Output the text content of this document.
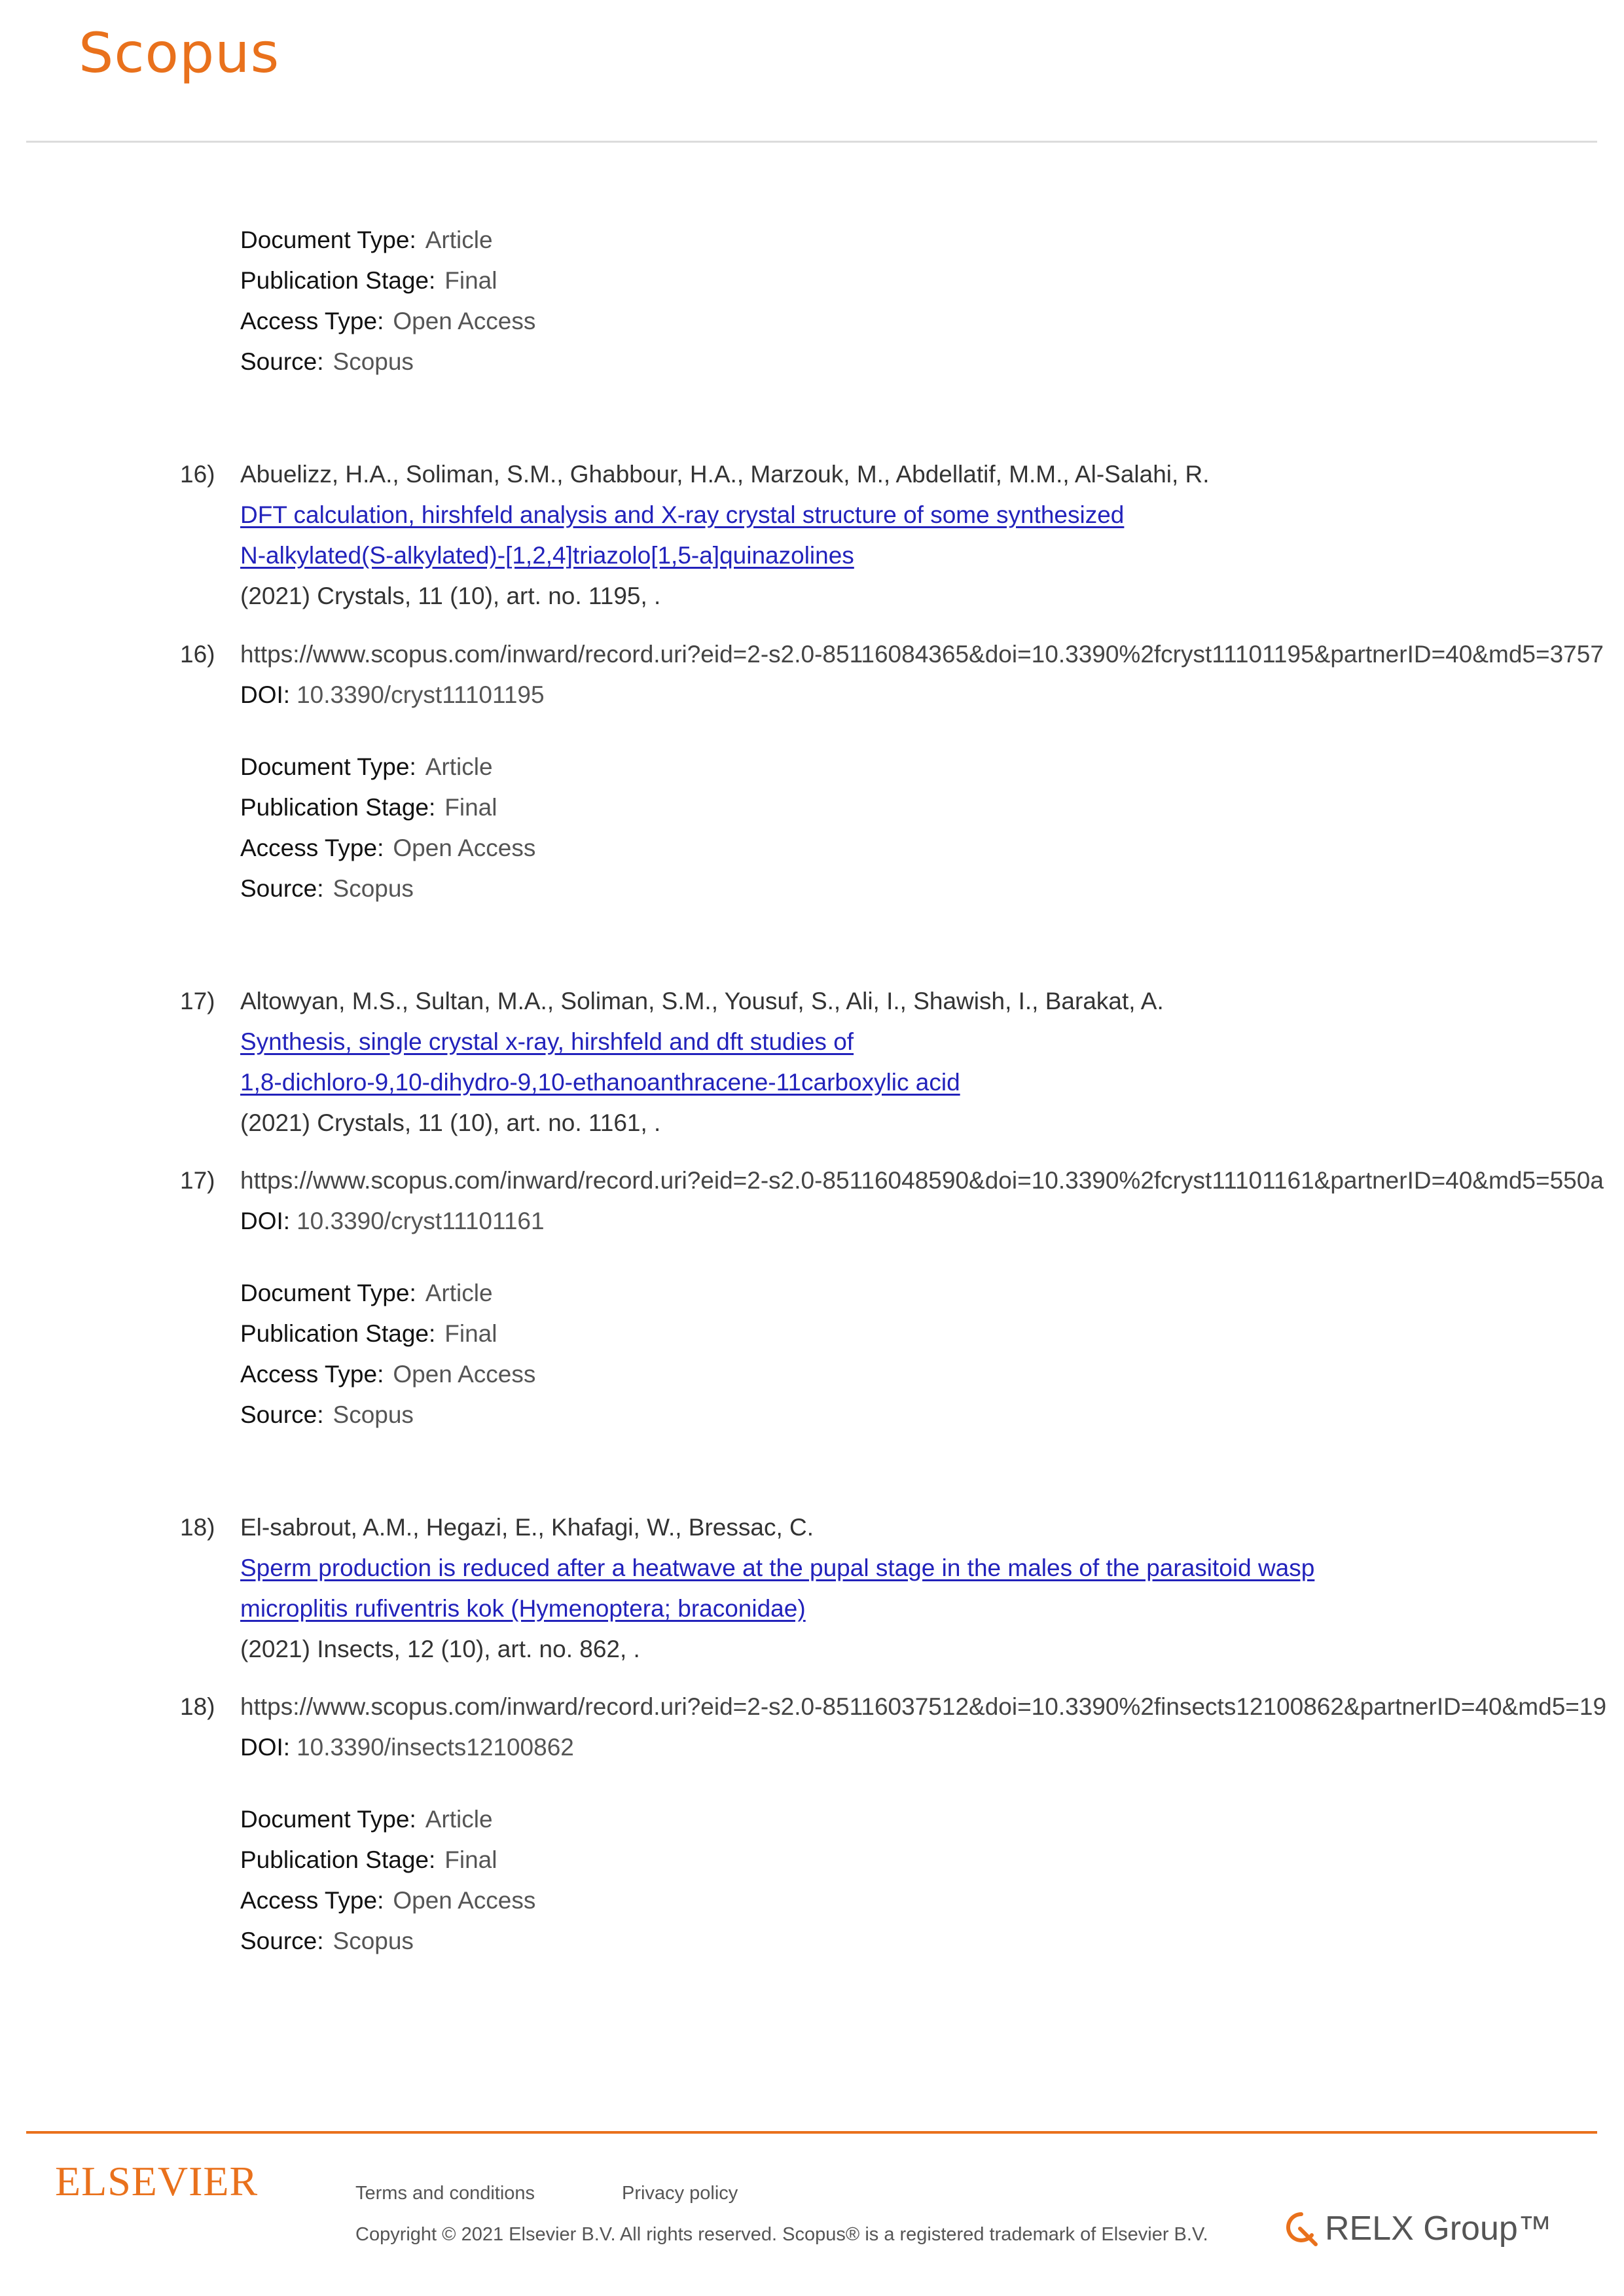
Scopus
Document Type: Article
Publication Stage: Final
Access Type: Open Access
Source: Scopus
16) Abuelizz, H.A., Soliman, S.M., Ghabbour, H.A., Marzouk, M., Abdellatif, M.M., Al-Salahi, R.
DFT calculation, hirshfeld analysis and X-ray crystal structure of some synthesized
N-alkylated(S-alkylated)-[1,2,4]triazolo[1,5-a]quinazolines
(2021) Crystals, 11 (10), art. no. 1195, .
16) https://www.scopus.com/inward/record.uri?eid=2-s2.0-85116084365&doi=10.3390%2fcryst11101195&partnerID=40&md5=3757
DOI: 10.3390/cryst11101195
Document Type: Article
Publication Stage: Final
Access Type: Open Access
Source: Scopus
17) Altowyan, M.S., Sultan, M.A., Soliman, S.M., Yousuf, S., Ali, I., Shawish, I., Barakat, A.
Synthesis, single crystal x-ray, hirshfeld and dft studies of
1,8-dichloro-9,10-dihydro-9,10-ethanoanthracene-11carboxylic acid
(2021) Crystals, 11 (10), art. no. 1161, .
17) https://www.scopus.com/inward/record.uri?eid=2-s2.0-85116048590&doi=10.3390%2fcryst11101161&partnerID=40&md5=550a
DOI: 10.3390/cryst11101161
Document Type: Article
Publication Stage: Final
Access Type: Open Access
Source: Scopus
18) El-sabrout, A.M., Hegazi, E., Khafagi, W., Bressac, C.
Sperm production is reduced after a heatwave at the pupal stage in the males of the parasitoid wasp
microplitis rufiventris kok (Hymenoptera; braconidae)
(2021) Insects, 12 (10), art. no. 862, .
18) https://www.scopus.com/inward/record.uri?eid=2-s2.0-85116037512&doi=10.3390%2finsects12100862&partnerID=40&md5=19
DOI: 10.3390/insects12100862
Document Type: Article
Publication Stage: Final
Access Type: Open Access
Source: Scopus
ELSEVIER	Terms and conditions	Privacy policy
Copyright © 2021 Elsevier B.V. All rights reserved. Scopus® is a registered trademark of Elsevier B.V.	RELX Group™
